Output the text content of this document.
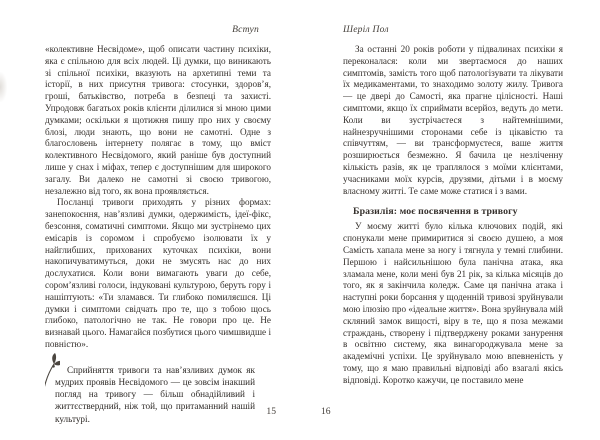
Вступ	Шеріл Пол

«колективне Несвідоме», щоб описати частину психіки, яка є спільною для всіх людей. Ці думки, що виникають зі спільної психіки, вказують на архетипні теми та історії, в них присутня тривога: стосунки, здоров’я, гроші, батьківство, потреба в безпеці та захисті. Упродовж багатьох років клієнти ділилися зі мною цими думками; оскільки я щотижня пишу про них у своєму блозі, люди знають, що вони не самотні. Одне з благословень інтернету полягає в тому, що вміст колективного Несвідомого, який раніше був доступний лише у снах і міфах, тепер є доступнішим для широкого загалу. Ви далеко не самотні зі своєю тривогою, незалежно від того, як вона проявляється.

Посланці тривоги приходять у різних формах: занепокоєння, нав’язливі думки, одержимість, ідеї-фікс, безсоння, соматичні симптоми. Якщо ми зустрінемо цих емісарів із соромом і спробуємо ізолювати їх у найглибших, прихованих куточках психіки, вони накопичуватимуться, доки не змусять нас до них дослухатися. Коли вони вимагають уваги до себе, сором’язливі голоси, індуковані культурою, беруть гору і нашіптують: «Ти зламався. Ти глибоко помиляєшся. Ці думки і симптоми свідчать про те, що з тобою щось глибоко, патологічно не так. Не говори про це. Не визнавай цього. Намагайся позбутися цього чимшвидше і повністю».

Сприйняття тривоги та нав’язливих думок як мудрих проявів Несвідомого — це зовсім інакший погляд на тривогу — більш обнадійливий і життєствердний, ніж той, що притаманний нашій культурі.

За останні 20 років роботи у підвалинах психіки я переконалася: коли ми звертаємося до наших симптомів, замість того щоб патологізувати та лікувати їх медикаментами, то знаходимо золоту жилу. Тривога — це двері до Самості, яка прагне цілісності. Наші симптоми, якщо їх сприймати всерйоз, ведуть до мети. Коли ви зустрічаєтеся з найтемнішими, найнезручнішими сторонами себе із цікавістю та співчуттям, — ви трансформуєтеся, ваше життя розширюється безмежно. Я бачила це незліченну кількість разів, як це траплялося з моїми клієнтами, учасниками моїх курсів, друзями, дітьми і в моєму власному житті. Те саме може статися і з вами.

Бразилія: моє посвячення в тривогу

У моєму житті було кілька ключових подій, які спонукали мене примиритися зі своєю душею, а моя Самість хапала мене за ногу і тягнула у темні глибини. Першою і найсильнішою була панічна атака, яка зламала мене, коли мені був 21 рік, за кілька місяців до того, як я закінчила коледж. Саме ця панічна атака і наступні роки борсання у щоденній тривозі зруйнували мою ілюзію про «ідеальне життя». Вона зруйнувала мій скляний замок вищості, віру в те, що я поза межами страждань, створену і підтверджену роками занурення в освітню систему, яка винагороджувала мене за академічні успіхи. Це зруйнувало мою впевненість у тому, що я маю правильні відповіді або взагалі якісь відповіді. Коротко кажучи, це поставило мене

15	16
